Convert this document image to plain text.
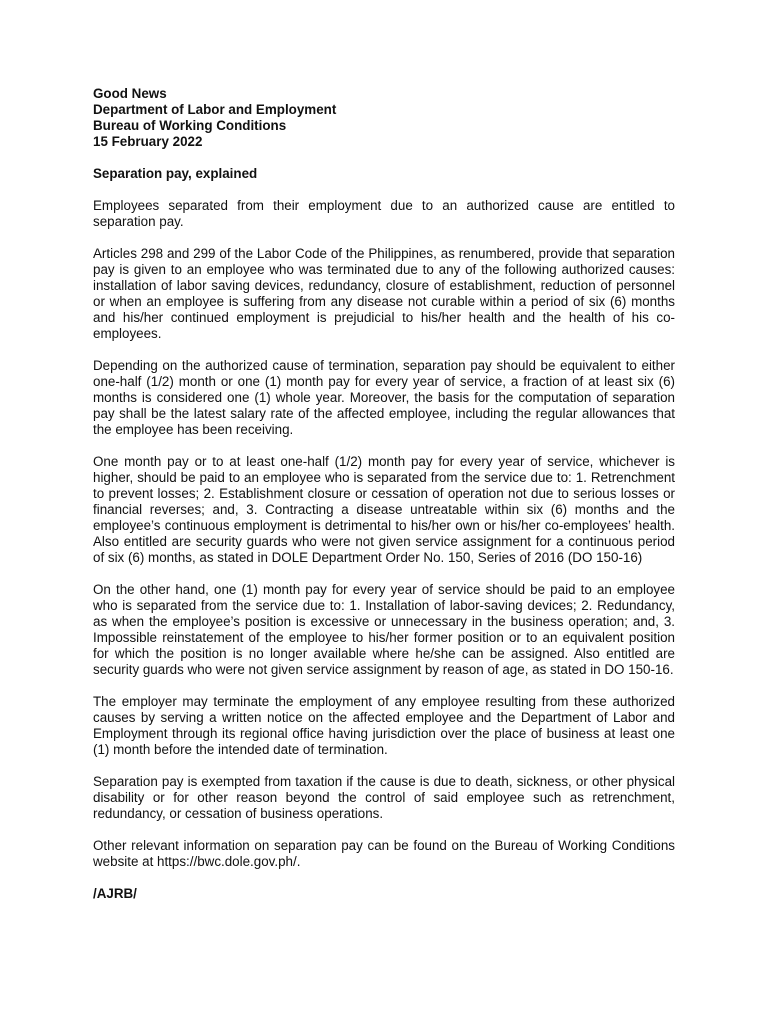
Good News

Department of Labor and Employment

Bureau of Working Conditions

15 February 2022

Separation pay, explained

Employees separated from their employment due to an authorized cause are entitled to separation pay.

Articles 298 and 299 of the Labor Code of the Philippines, as renumbered, provide that separation pay is given to an employee who was terminated due to any of the following authorized causes: installation of labor saving devices, redundancy, closure of establishment, reduction of personnel or when an employee is suffering from any disease not curable within a period of six (6) months and his/her continued employment is prejudicial to his/her health and the health of his co-employees.

Depending on the authorized cause of termination, separation pay should be equivalent to either one-half (1/2) month or one (1) month pay for every year of service, a fraction of at least six (6) months is considered one (1) whole year. Moreover, the basis for the computation of separation pay shall be the latest salary rate of the affected employee, including the regular allowances that the employee has been receiving.

One month pay or to at least one-half (1/2) month pay for every year of service, whichever is higher, should be paid to an employee who is separated from the service due to: 1. Retrenchment to prevent losses; 2. Establishment closure or cessation of operation not due to serious losses or financial reverses; and, 3. Contracting a disease untreatable within six (6) months and the employee’s continuous employment is detrimental to his/her own or his/her co-employees’ health. Also entitled are security guards who were not given service assignment for a continuous period of six (6) months, as stated in DOLE Department Order No. 150, Series of 2016 (DO 150-16)

On the other hand, one (1) month pay for every year of service should be paid to an employee who is separated from the service due to: 1. Installation of labor-saving devices; 2. Redundancy, as when the employee’s position is excessive or unnecessary in the business operation; and, 3. Impossible reinstatement of the employee to his/her former position or to an equivalent position for which the position is no longer available where he/she can be assigned. Also entitled are security guards who were not given service assignment by reason of age, as stated in DO 150-16.

The employer may terminate the employment of any employee resulting from these authorized causes by serving a written notice on the affected employee and the Department of Labor and Employment through its regional office having jurisdiction over the place of business at least one (1) month before the intended date of termination.

Separation pay is exempted from taxation if the cause is due to death, sickness, or other physical disability or for other reason beyond the control of said employee such as retrenchment, redundancy, or cessation of business operations.

Other relevant information on separation pay can be found on the Bureau of Working Conditions website at https://bwc.dole.gov.ph/.

/AJRB/
